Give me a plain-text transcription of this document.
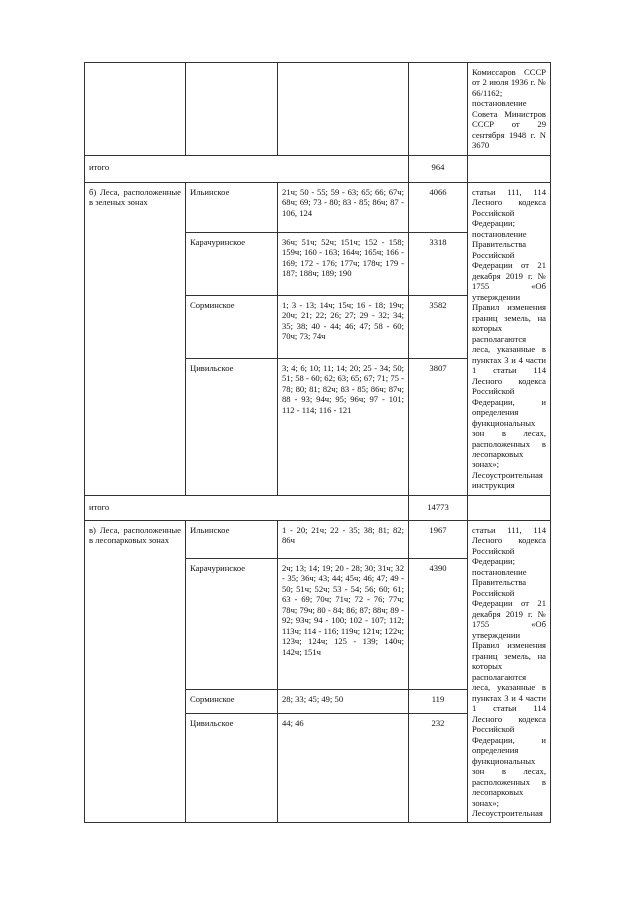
				Комиссаров СССР от 2 июля 1936 г. № 66/1162; постановление Совета Министров СССР от 29 сентября 1948 г. N 3670
итого			964	
б) Леса, расположенные в зеленых зонах	Ильинское	21ч; 50 - 55; 59 - 63; 65; 66; 67ч; 68ч; 69; 73 - 80; 83 - 85; 86ч; 87 - 106, 124	4066	статьи 111, 114 Лесного кодекса Российской Федерации; постановление Правительства Российской Федерации от 21 декабря 2019 г. № 1755 «Об утверждении Правил изменения границ земель, на которых располагаются леса, указанные в пунктах 3 и 4 части 1 статьи 114 Лесного кодекса Российской Федерации, и определения функциональных зон в лесах, расположенных в лесопарковых зонах»; Лесоустроительная инструкция
	Карачуринское	36ч; 51ч; 52ч; 151ч; 152 - 158; 159ч; 160 - 163; 164ч; 165ч; 166 - 169; 172 - 176; 177ч; 178ч; 179 - 187; 188ч; 189; 190	3318	
	Сорминское	1; 3 - 13; 14ч; 15ч; 16 - 18; 19ч; 20ч; 21; 22; 26; 27; 29 - 32; 34; 35; 38; 40 - 44; 46; 47; 58 - 60; 70ч; 73; 74ч	3582	
	Цивильское	3; 4; 6; 10; 11; 14; 20; 25 - 34; 50; 51; 58 - 60; 62; 63; 65; 67; 71; 75 - 78; 80; 81; 82ч; 83 - 85; 86ч; 87ч; 88 - 93; 94ч; 95; 96ч; 97 - 101; 112 - 114; 116 - 121	3807	
итого			14773	
в) Леса, расположенные в лесопарковых зонах	Ильинское	1 - 20; 21ч; 22 - 35; 38; 81; 82; 86ч	1967	статьи 111, 114 Лесного кодекса Российской Федерации; постановление Правительства Российской Федерации от 21 декабря 2019 г. № 1755 «Об утверждении Правил изменения границ земель, на которых располагаются леса, указанные в пунктах 3 и 4 части 1 статьи 114 Лесного кодекса Российской Федерации, и определения функциональных зон в лесах, расположенных в лесопарковых зонах»; Лесоустроительная
	Карачуринское	2ч; 13; 14; 19; 20 - 28; 30; 31ч; 32 - 35; 36ч; 43; 44; 45ч; 46; 47; 49 - 50; 51ч; 52ч; 53 - 54; 56; 60; 61; 63 - 69; 70ч; 71ч; 72 - 76; 77ч; 78ч; 79ч; 80 - 84; 86; 87; 88ч; 89 - 92; 93ч; 94 - 100; 102 - 107; 112; 113ч; 114 - 116; 119ч; 121ч; 122ч; 123ч; 124ч; 125 - 139; 140ч; 142ч; 151ч	4390	
	Сорминское	28; 33; 45; 49; 50	119	
	Цивильское	44; 46	232	
